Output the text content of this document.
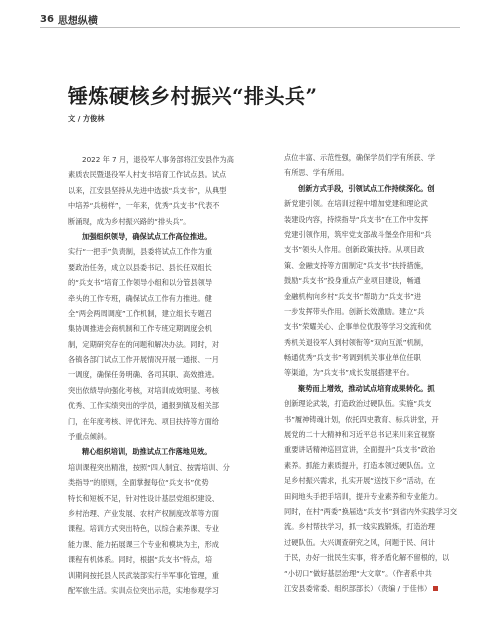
36 思想纵横
锤炼硬核乡村振兴“排头兵”
文 / 方俊林
2022 年 7 月，退役军人事务部将江安县作为高
素质农民暨退役军人村支书培育工作试点县。试点
以来，江安县坚持从先进中选拔“兵支书”，从典型
中培养“兵榜样”，一年来，优秀“兵支书”代表不
断涌现，成为乡村振兴路的“排头兵”。
加强组织领导，确保试点工作高位推进。
实行“一把手”负责制，县委将试点工作作为重
要政治任务，成立以县委书记、县长任双组长
的“兵支书”培育工作领导小组和以分管县领导
牵头的工作专班，确保试点工作有力推进。健
全“两会两周调度”工作机制，建立组长专题召
集协调推进会商机制和工作专班定期调度会机
制，定期研究存在的问题和解决办法。同时，对
各镇各部门试点工作开展情况开展一通报、一月
一调度，确保任务明确、各司其职、高效推进。
突出依绩导向强化考核，对培训成效明显、考核
优秀、工作实绩突出的学员，通报到镇及相关部
门，在年度考核、评优评先、项目扶持等方面给
予重点倾斜。
精心组织培训，助推试点工作落地见效。
培训课程突出精准，按照“四人制宜、按需培训、分
类指导”的原则，全面掌握每位“兵支书”优势
特长和短板不足，针对性设计基层党组织建设、
乡村治理、产业发展、农村产权制度改革等方面
课程。培训方式突出特色，以综合素养课、专业
能力课、能力拓展课三个专业和模块为主，形成
课程有机体系。同时，根据“兵支书”特点，培
训期间按托县人民武装部实行半军事化管理，重
配军旅生活。实训点位突出示范，实地参观学习
点位丰富、示范性强，确保学员们学有所获、学
有所思、学有所用。
创新方式手段，引领试点工作持续深化。创
新党建引领。在培训过程中增加党建和理论武
装建设内容，持续指导“兵支书”在工作中发挥
党建引领作用，筑牢党支部战斗堡垒作用和“兵
支书”领头人作用。创新政策扶持。从项目政
策、金融支持等方面制定“兵支书”扶持措施，
鼓励“兵支书”投身重点产业项目建设，畅通
金融机构向乡村“兵支书”帮助力“兵支书”进
一步发挥带头作用。创新长效激励。建立“兵
支书”荣耀关心、企事单位优股等学习交流和优
秀机关退役军人到村领衔等“双向互派”机制，
畅通优秀“兵支书”考调到机关事业单位任职
等渠道，为“兵支书”成长发展搭建平台。
聚势而上增效，推动试点培育成果转化。抓
创新理论武装，打造政治过硬队伍。实施“兵支
书”履神铸魂计划，依托四史教育、标兵讲堂，开
展党的二十大精神和习近平总书记来川来宜视察
重要讲话精神巡回宣讲，全面提升“兵支书”政治
素养。抓能力素质提升，打造本领过硬队伍。立
足乡村振兴需求，扎实开展“送技下乡”活动，在
田间地头手把手培训，提升专业素养和专业能力。
同时，在村“两委”换届选“兵支书”到省内外实践学习交
流。乡村帮扶学习，抓一线实践锻炼，打造治理
过硬队伍。大兴调查研究之风，问题于民、问计
于民，办好一批民生实事，将矛盾化解不留根的，以
“小切口”做好基层治理“大文章”。（作者系中共
江安县委常委、组织部部长）（责编 / 于佳伟）
